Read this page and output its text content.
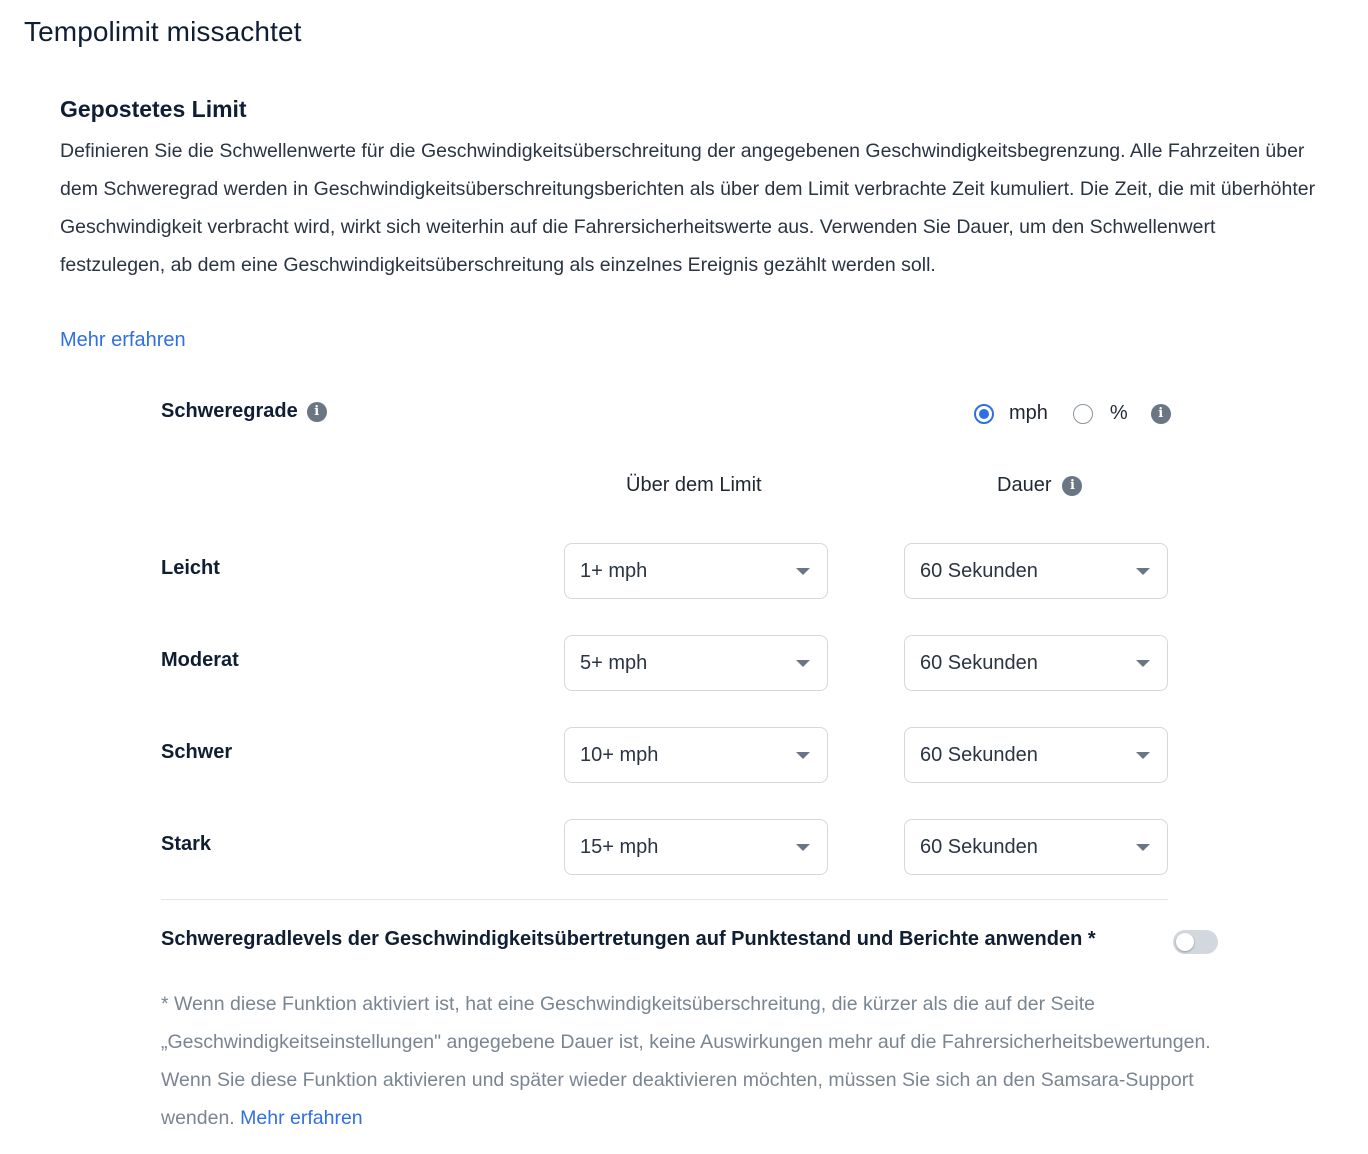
Tempolimit missachtet
Gepostetes Limit
Definieren Sie die Schwellenwerte für die Geschwindigkeitsüberschreitung der angegebenen Geschwindigkeitsbegrenzung. Alle Fahrzeiten über dem Schweregrad werden in Geschwindigkeitsüberschreitungsberichten als über dem Limit verbrachte Zeit kumuliert. Die Zeit, die mit überhöhter Geschwindigkeit verbracht wird, wirkt sich weiterhin auf die Fahrersicherheitswerte aus. Verwenden Sie Dauer, um den Schwellenwert festzulegen, ab dem eine Geschwindigkeitsüberschreitung als einzelnes Ereignis gezählt werden soll.
Mehr erfahren
Schweregrade	i	mph	%	i
Über dem Limit	Dauer	i
Leicht	1+ mph	60 Sekunden
Moderat	5+ mph	60 Sekunden
Schwer	10+ mph	60 Sekunden
Stark	15+ mph	60 Sekunden
Schweregradlevels der Geschwindigkeitsübertretungen auf Punktestand und Berichte anwenden *
* Wenn diese Funktion aktiviert ist, hat eine Geschwindigkeitsüberschreitung, die kürzer als die auf der Seite „Geschwindigkeitseinstellungen" angegebene Dauer ist, keine Auswirkungen mehr auf die Fahrersicherheitsbewertungen. Wenn Sie diese Funktion aktivieren und später wieder deaktivieren möchten, müssen Sie sich an den Samsara-Support wenden. Mehr erfahren
